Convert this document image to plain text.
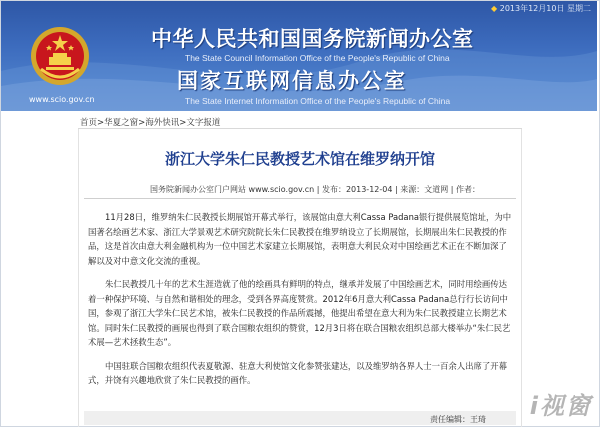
◆ 2013年12月10日 星期二
www.scio.gov.cn
中华人民共和国国务院新闻办公室
The State Council Information Office of the People's Republic of China
国家互联网信息办公室
The State Internet Information Office of the People's Republic of China
首页>华夏之窗>海外快讯>文字报道
浙江大学朱仁民教授艺术馆在维罗纳开馆
国务院新闻办公室门户网站 www.scio.gov.cn | 发布：2013-12-04 | 来源：文道网 | 作者：

11月28日，维罗纳朱仁民教授长期展馆开幕式举行，该展馆由意大利Cassa Padana银行提供展览馆址，为中国著名绘画艺术家、浙江大学景观艺术研究院院长朱仁民教授在维罗纳设立了长期展馆，长期展出朱仁民教授的作品，这是首次由意大利金融机构为一位中国艺术家建立长期展馆，表明意大利民众对中国绘画艺术正在不断加深了解以及对中意文化交流的重视。

朱仁民教授几十年的艺术生涯造就了他的绘画具有鲜明的特点，继承并发展了中国绘画艺术，同时用绘画传达着一种保护环境、与自然和谐相处的理念，受到各界高度赞赏。2012年6月意大利Cassa Padana总行行长访问中国，参观了浙江大学朱仁民艺术馆，被朱仁民教授的作品所震撼，他提出希望在意大利为朱仁民教授建立长期艺术馆。同时朱仁民教授的画展也得到了联合国粮农组织的赞赏，12月3日将在联合国粮农组织总部大楼举办“朱仁民艺术展—艺术拯救生态”。

中国驻联合国粮农组织代表夏敬源、驻意大利使馆文化参赞张建达，以及维罗纳各界人士一百余人出席了开幕式，并饶有兴趣地欣赏了朱仁民教授的画作。

责任编辑：王琦 i视窗
